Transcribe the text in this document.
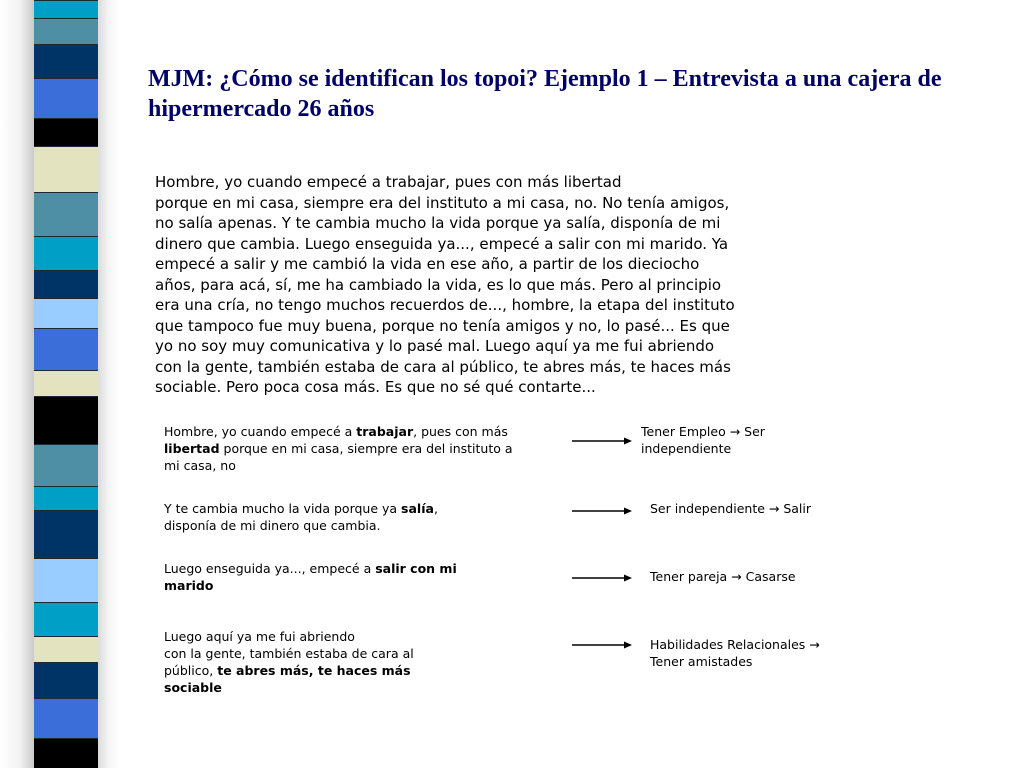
MJM: ¿Cómo se identifican los topoi? Ejemplo 1 – Entrevista a una cajera de hipermercado 26 años
Hombre, yo cuando empecé a trabajar, pues con más libertad
porque en mi casa, siempre era del instituto a mi casa, no. No tenía amigos,
no salía apenas. Y te cambia mucho la vida porque ya salía, disponía de mi
dinero que cambia. Luego enseguida ya..., empecé a salir con mi marido. Ya
empecé a salir y me cambió la vida en ese año, a partir de los dieciocho
años, para acá, sí, me ha cambiado la vida, es lo que más. Pero al principio
era una cría, no tengo muchos recuerdos de..., hombre, la etapa del instituto
que tampoco fue muy buena, porque no tenía amigos y no, lo pasé... Es que
yo no soy muy comunicativa y lo pasé mal. Luego aquí ya me fui abriendo
con la gente, también estaba de cara al público, te abres más, te haces más
sociable. Pero poca cosa más. Es que no sé qué contarte...

Hombre, yo cuando empecé a trabajar, pues con más libertad porque en mi casa, siempre era del instituto a mi casa, no

Tener Empleo → Ser independiente

Y te cambia mucho la vida porque ya salía, disponía de mi dinero que cambia.

Ser independiente → Salir

Luego enseguida ya..., empecé a salir con mi marido

Tener pareja → Casarse

Luego aquí ya me fui abriendo
con la gente, también estaba de cara al público, te abres más, te haces más sociable

Habilidades Relacionales → Tener amistades
